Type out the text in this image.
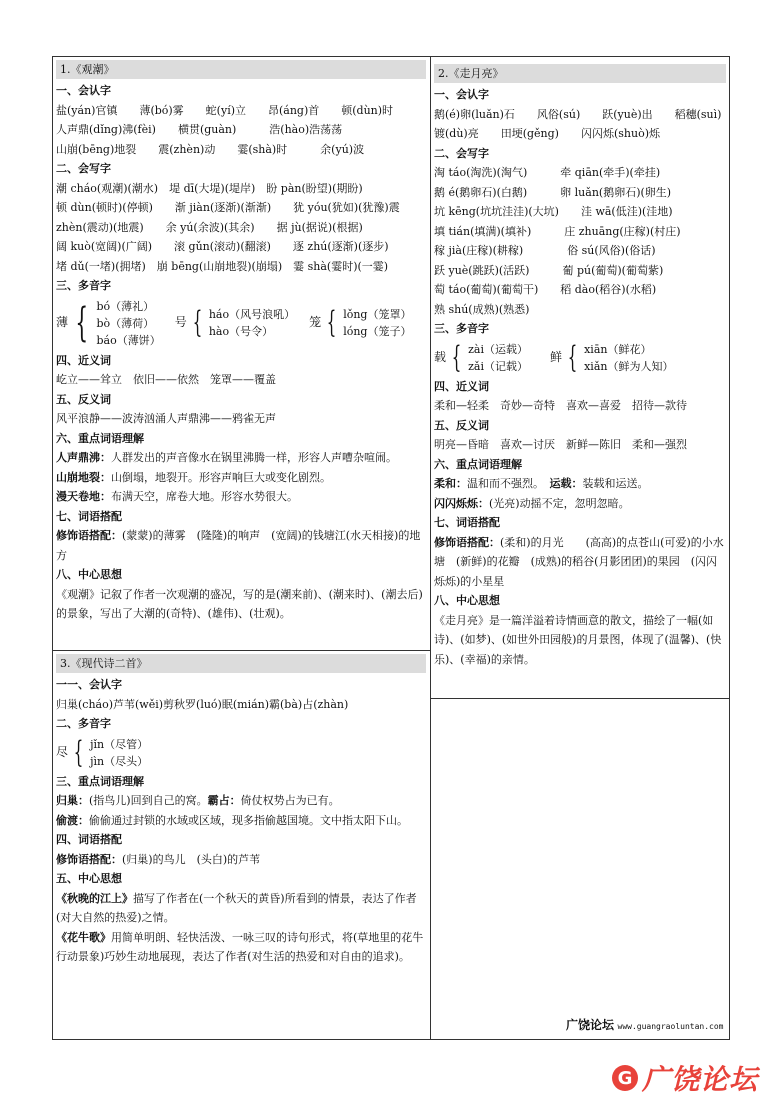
1.《观潮》
一、会认字
盐(yán)官镇　　薄(bó)雾　　蛇(yí)立　　昂(áng)首　　顿(dùn)时
人声鼎(dǐng)沸(fèi)　　横贯(guàn)　　　浩(hào)浩荡荡
山崩(bēng)地裂　　震(zhèn)动　　霎(shà)时　　　余(yú)波
二、会写字
潮 cháo(观潮)(潮水)　堤 dī(大堤)(堤岸)　盼 pàn(盼望)(期盼)
顿 dùn(顿时)(停顿)　　渐 jiàn(逐渐)(渐渐)　　犹 yóu(犹如)(犹豫)震
zhèn(震动)(地震)　　余 yú(余波)(其余)　　据 jù(据说)(根据)
阔 kuò(宽阔)(广阔)　　滚 gǔn(滚动)(翻滚)　　逐 zhú(逐渐)(逐步)
堵 dǔ(一堵)(拥堵)　崩 bēng(山崩地裂)(崩塌)　霎 shà(霎时)(一霎)
三、多音字
薄 { bó（薄礼）
bò（薄荷）
báo（薄饼）
号 { háo（风号浪吼）
hào（号令）
笼 { lǒng（笼罩）
lóng（笼子）
四、近义词
屹立——耸立　依旧——依然　笼罩——覆盖
五、反义词
风平浪静——波涛汹涌人声鼎沸——鸦雀无声
六、重点词语理解
人声鼎沸：人群发出的声音像水在锅里沸腾一样，形容人声嘈杂喧闹。
山崩地裂：山倒塌，地裂开。形容声响巨大或变化剧烈。
漫天卷地：布满天空，席卷大地。形容水势很大。
七、词语搭配
修饰语搭配：(蒙蒙)的薄雾　(隆隆)的响声　(宽阔)的钱塘江(水天相接)的地方
八、中心思想
《观潮》记叙了作者一次观潮的盛况，写的是(潮来前)、(潮来时)、(潮去后)的景象，写出了大潮的(奇特)、(雄伟)、(壮观)。
2.《走月亮》
一、会认字
鹅(é)卵(luǎn)石　　风俗(sú)　　跃(yuè)出　　稻穗(suì)
镀(dù)亮　　田埂(gěng)　　闪闪烁(shuò)烁
二、会写字
淘 táo(淘洗)(淘气)　　　牵 qiān(牵手)(牵挂)
鹅 é(鹅卵石)(白鹅)　　　卵 luǎn(鹅卵石)(卵生)
坑 kēng(坑坑洼洼)(大坑)　　洼 wā(低洼)(洼地)
填 tián(填满)(填补)　　　庄 zhuāng(庄稼)(村庄)
稼 jià(庄稼)(耕稼)　　　　俗 sú(风俗)(俗话)
跃 yuè(跳跃)(活跃)　　　葡 pú(葡萄)(葡萄紫)
萄 táo(葡萄)(葡萄干)　　稻 dào(稻谷)(水稻)
熟 shú(成熟)(熟悉)
三、多音字
载 { zài（运载）
zǎi（记载）
鲜 { xiān（鲜花）
xiǎn（鲜为人知）
四、近义词
柔和—轻柔　奇妙—奇特　喜欢—喜爱　招待—款待
五、反义词
明亮—昏暗　喜欢—讨厌　新鲜—陈旧　柔和—强烈
六、重点词语理解
柔和：温和而不强烈。　 运载：装载和运送。
闪闪烁烁：(光亮)动摇不定，忽明忽暗。
七、词语搭配
修饰语搭配：(柔和)的月光　　(高高)的点苍山(可爱)的小水塘　(新鲜)的花瓣　(成熟)的稻谷(月影团团)的果园　(闪闪烁烁)的小星星
八、中心思想
《走月亮》是一篇洋溢着诗情画意的散文，描绘了一幅(如诗)、(如梦)、(如世外田园般)的月景图，体现了(温馨)、(快乐)、(幸福)的亲情。
3.《现代诗二首》
一一、会认字
归巢(cháo)芦苇(wěi)剪秋罗(luó)眠(mián)霸(bà)占(zhàn)
二、多音字
尽 { jǐn（尽管）
jìn（尽头）
三、重点词语理解
归巢：(指鸟儿)回到自己的窝。霸占：倚仗权势占为已有。
偷渡：偷偷通过封锁的水域或区域，现多指偷越国境。文中指太阳下山。
四、词语搭配
修饰语搭配：(归巢)的鸟儿　(头白)的芦苇
五、中心思想
《秋晚的江上》描写了作者在(一个秋天的黄昏)所看到的情景，表达了作者(对大自然的热爱)之情。
《花牛歌》用简单明朗、轻快活泼、一咏三叹的诗句形式，将(草地里的花牛行动景象)巧妙生动地展现，表达了作者(对生活的热爱和对自由的追求)。
广饶论坛 www.guangraoluntan.com
G 广饶论坛
